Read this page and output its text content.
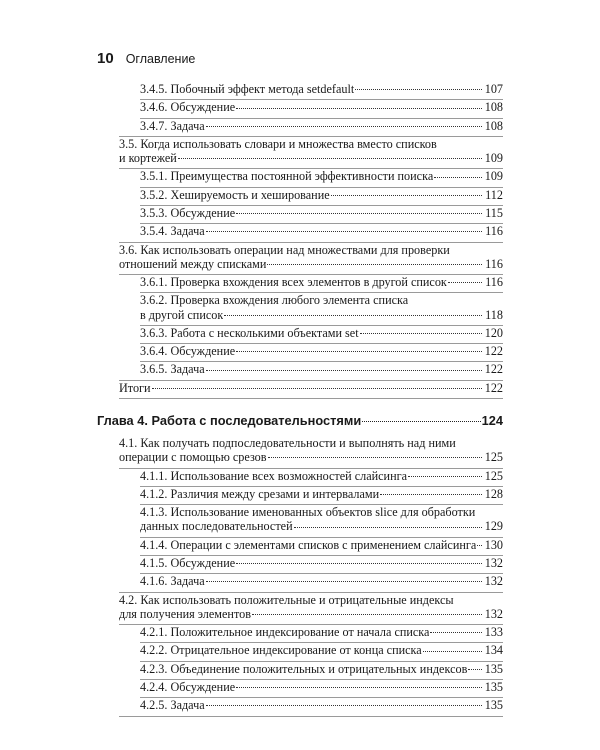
10 Оглавление
3.4.5. Побочный эффект метода setdefault	107
3.4.6. Обсуждение	108
3.4.7. Задача	108
3.5. Когда использовать словари и множества вместо списков
и кортежей	109
3.5.1. Преимущества постоянной эффективности поиска	109
3.5.2. Хешируемость и хеширование	112
3.5.3. Обсуждение	115
3.5.4. Задача	116
3.6. Как использовать операции над множествами для проверки
отношений между списками	116
3.6.1. Проверка вхождения всех элементов в другой список	116
3.6.2. Проверка вхождения любого элемента списка
в другой список	118
3.6.3. Работа с несколькими объектами set	120
3.6.4. Обсуждение	122
3.6.5. Задача	122
Итоги	122
Глава 4. Работа с последовательностями	124
4.1. Как получать подпоследовательности и выполнять над ними
операции с помощью срезов	125
4.1.1. Использование всех возможностей слайсинга	125
4.1.2. Различия между срезами и интервалами	128
4.1.3. Использование именованных объектов slice для обработки
данных последовательностей	129
4.1.4. Операции с элементами списков с применением слайсинга 130
4.1.5. Обсуждение	132
4.1.6. Задача	132
4.2. Как использовать положительные и отрицательные индексы
для получения элементов	132
4.2.1. Положительное индексирование от начала списка	133
4.2.2. Отрицательное индексирование от конца списка	134
4.2.3. Объединение положительных и отрицательных индексов 135
4.2.4. Обсуждение	135
4.2.5. Задача	135
